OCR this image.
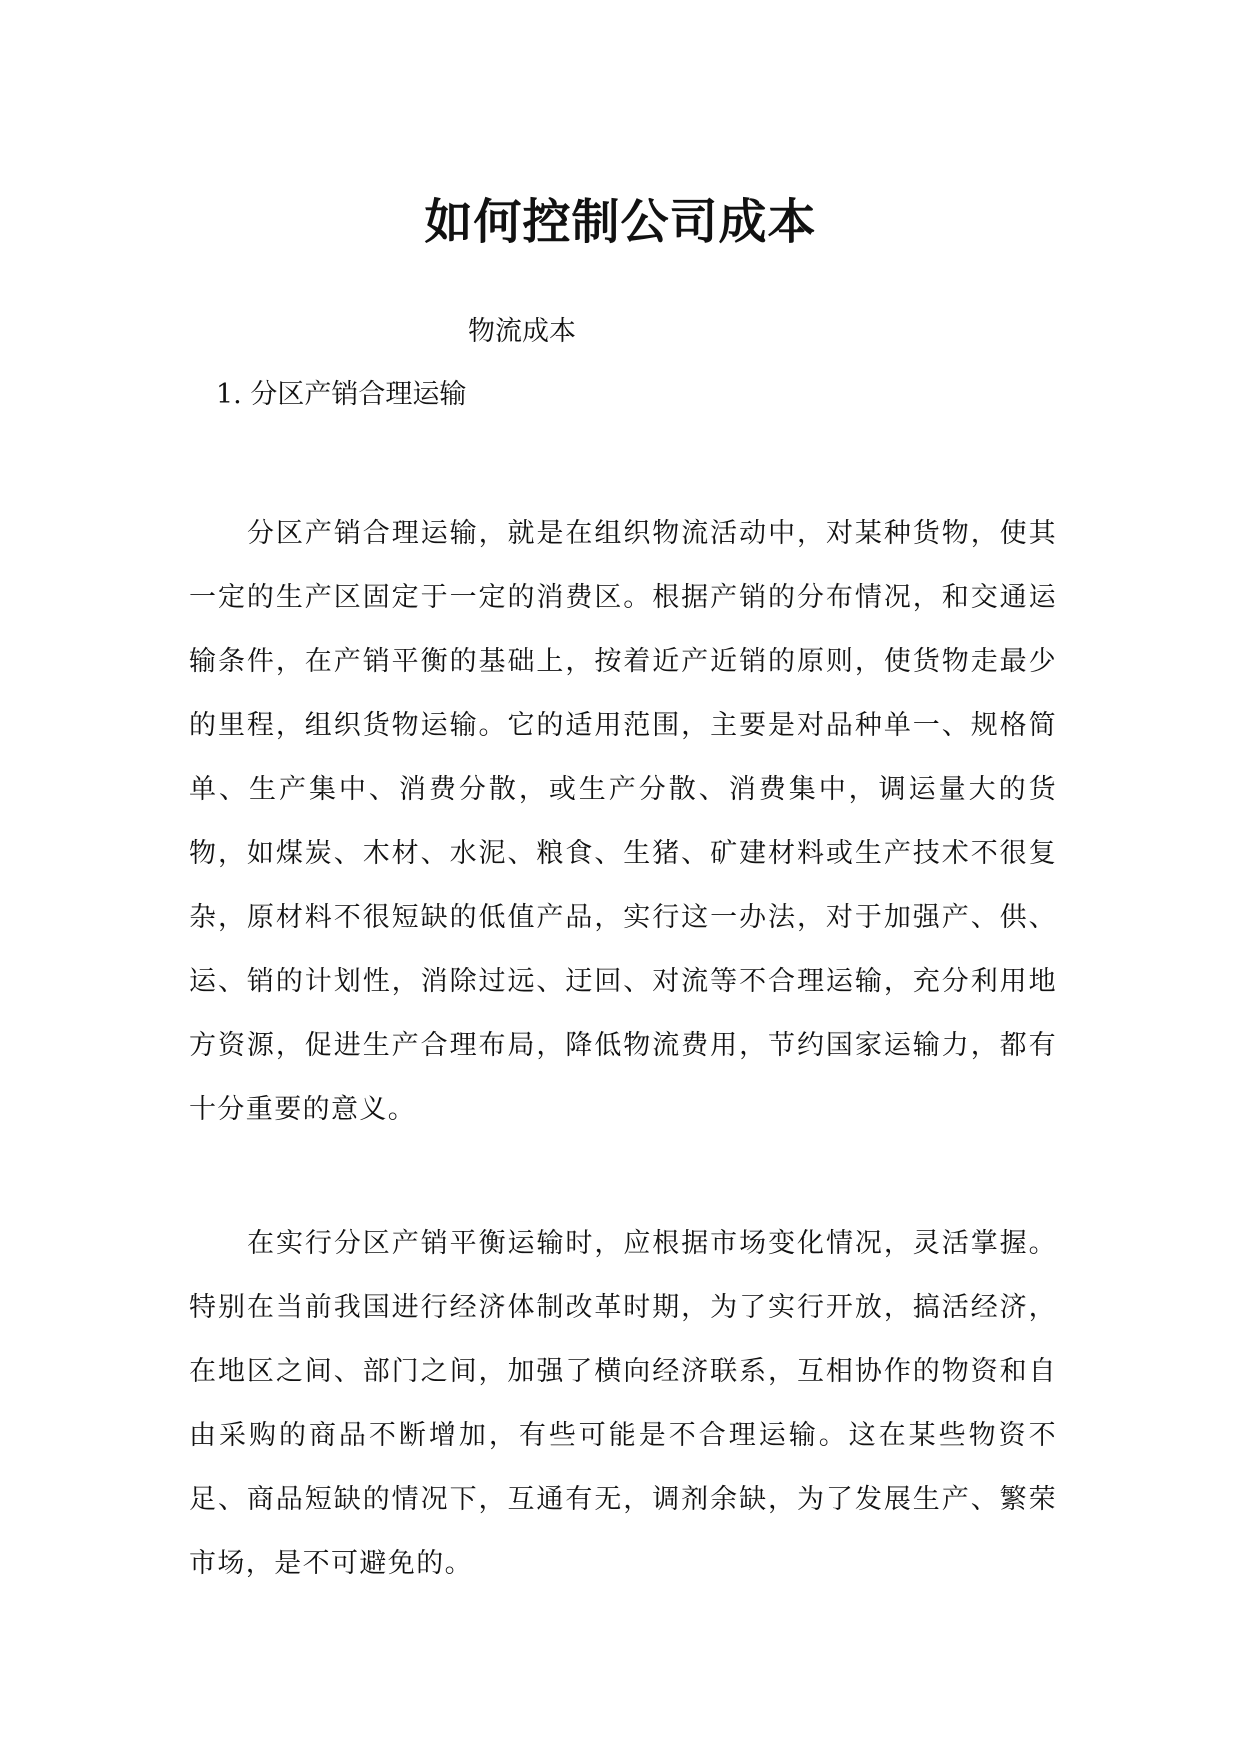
如何控制公司成本
物流成本
1. 分区产销合理运输

分区产销合理运输，就是在组织物流活动中，对某种货物，使其一定的生产区固定于一定的消费区。根据产销的分布情况，和交通运输条件，在产销平衡的基础上，按着近产近销的原则，使货物走最少的里程，组织货物运输。它的适用范围，主要是对品种单一、规格简单、生产集中、消费分散，或生产分散、消费集中，调运量大的货物，如煤炭、木材、水泥、粮食、生猪、矿建材料或生产技术不很复杂，原材料不很短缺的低值产品，实行这一办法，对于加强产、供、运、销的计划性，消除过远、迂回、对流等不合理运输，充分利用地方资源，促进生产合理布局，降低物流费用，节约国家运输力，都有十分重要的意义。

在实行分区产销平衡运输时，应根据市场变化情况，灵活掌握。特别在当前我国进行经济体制改革时期，为了实行开放，搞活经济，在地区之间、部门之间，加强了横向经济联系，互相协作的物资和自由采购的商品不断增加，有些可能是不合理运输。这在某些物资不足、商品短缺的情况下，互通有无，调剂余缺，为了发展生产、繁荣市场，是不可避免的。
